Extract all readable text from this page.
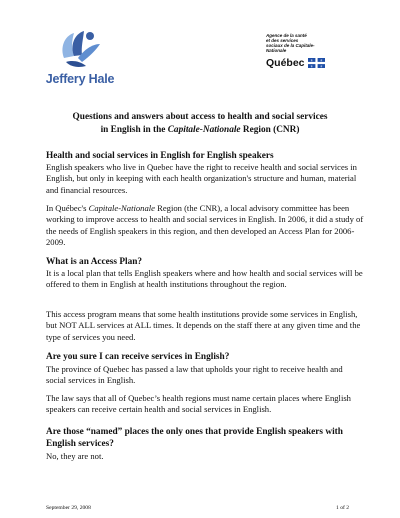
Jeffery Hale
Agence de la santé
et des services
sociaux de la Capitale-
Nationale
Québec ⚜ ⚜
⚜ ⚜
Questions and answers about access to health and social services
in English in the Capitale-Nationale Region (CNR)
Health and social services in English for English speakers

English speakers who live in Quebec have the right to receive health and social services in English, but only in keeping with each health organization's structure and human, material and financial resources.

In Québec's Capitale-Nationale Region (the CNR), a local advisory committee has been working to improve access to health and social services in English. In 2006, it did a study of the needs of English speakers in this region, and then developed an Access Plan for 2006-2009.

What is an Access Plan?

It is a local plan that tells English speakers where and how health and social services will be offered to them in English at health institutions throughout the region.

This access program means that some health institutions provide some services in English, but NOT ALL services at ALL times. It depends on the staff there at any given time and the type of services you need.

Are you sure I can receive services in English?

The province of Quebec has passed a law that upholds your right to receive health and social services in English.

The law says that all of Quebec’s health regions must name certain places where English speakers can receive certain health and social services in English.

Are those “named” places the only ones that provide English speakers with
English services?

No, they are not.

September 29, 2008	1 of 2
